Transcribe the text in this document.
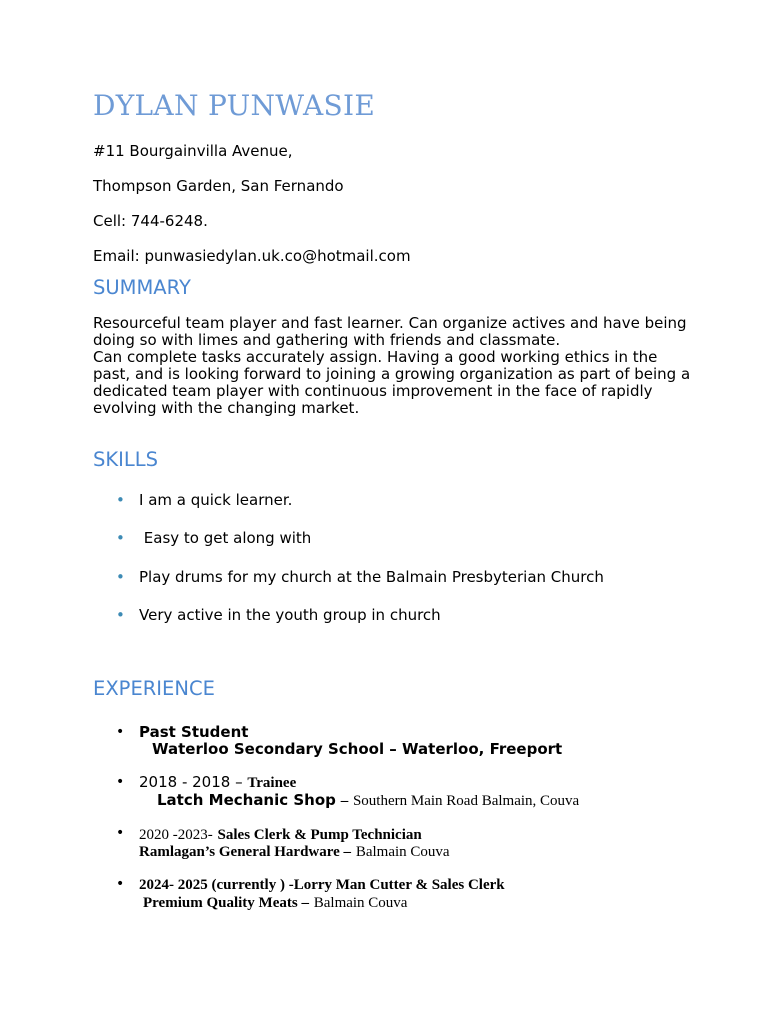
DYLAN PUNWASIE

#11 Bourgainvilla Avenue,

Thompson Garden, San Fernando

Cell: 744-6248.

Email: punwasiedylan.uk.co@hotmail.com

SUMMARY

Resourceful team player and fast learner. Can organize actives and have being doing so with limes and gathering with friends and classmate.

Can complete tasks accurately assign. Having a good working ethics in the past, and is looking forward to joining a growing organization as part of being a dedicated team player with continuous improvement in the face of rapidly evolving with the changing market.

SKILLS
• I am a quick learner.
• Easy to get along with
• Play drums for my church at the Balmain Presbyterian Church
• Very active in the youth group in church
EXPERIENCE
• Past Student
Waterloo Secondary School – Waterloo, Freeport
• 2018 - 2018 – Trainee
Latch Mechanic Shop – Southern Main Road Balmain, Couva
• 2020 -2023- Sales Clerk & Pump Technician
Ramlagan’s General Hardware – Balmain Couva
• 2024- 2025 (currently ) -Lorry Man Cutter & Sales Clerk
Premium Quality Meats – Balmain Couva
